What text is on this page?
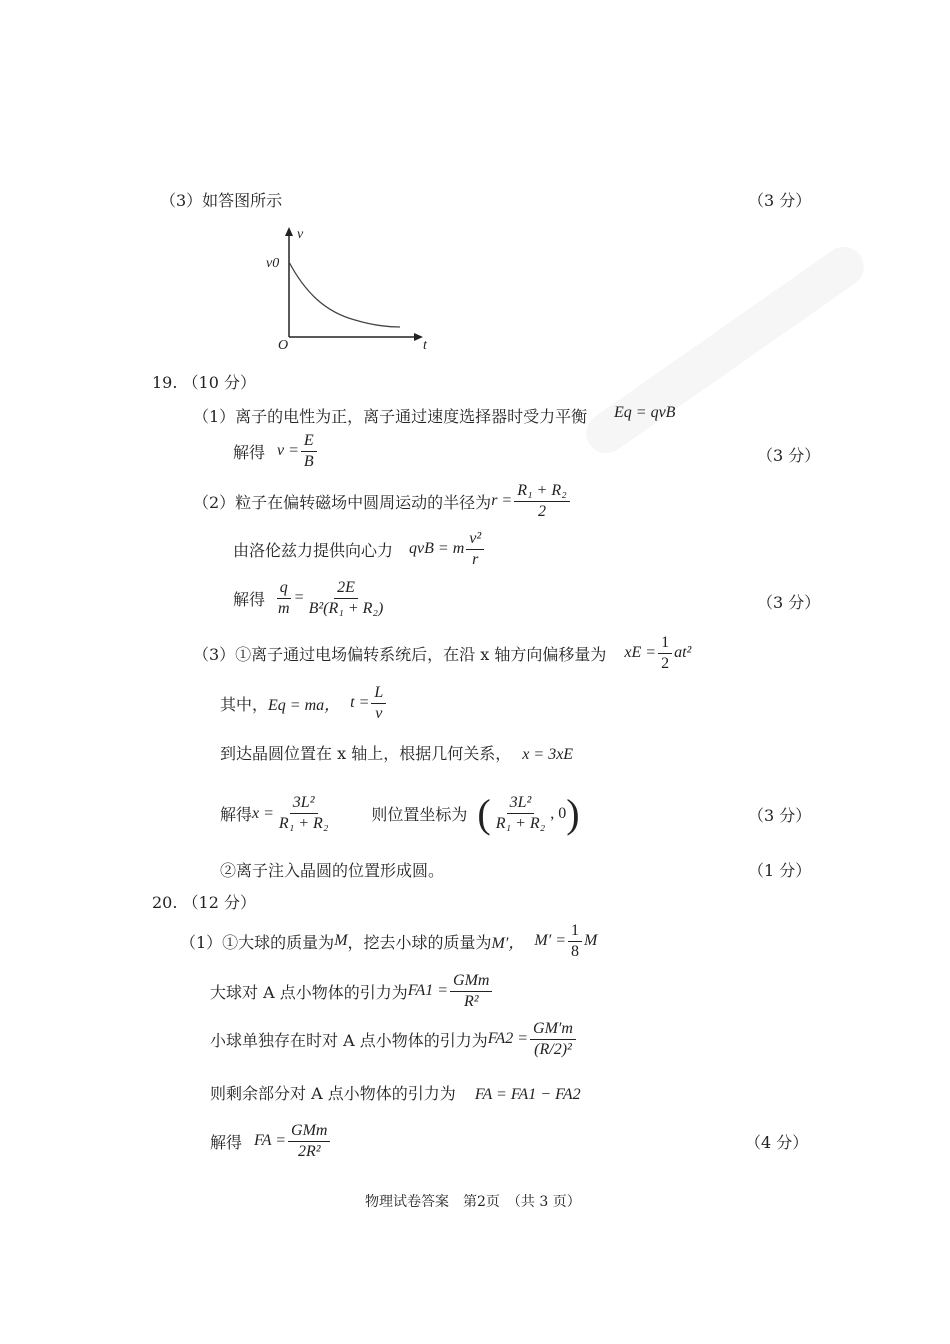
（3）如答图所示	（3 分）
v
v0
O	t
19. （10 分）
（1）离子的电性为正，离子通过速度选择器时受力平衡 Eq = qvB
解得 $v = \frac{E}{B}$	（3 分）
（2）粒子在偏转磁场中圆周运动的半径为 $r = \frac{\text{R₁ + R₂}}{2}$
由洛伦兹力提供向心力 qvB = m $\frac{\text{v²}}{r}$
解得 $\frac{q}{m} = \frac{2E}{\text{B²(R₁ + R₂)}}$	（3 分）
（3）①离子通过电场偏转系统后，在沿 x 轴方向偏移量为 xE = $\frac{1}{2} at^2$
其中， Eq = ma， $t = \frac{L}{v}$
到达晶圆位置在 x 轴上，根据几何关系， x = 3xE
解得 $x = \frac{\text{3L²}}{\text{R₁ + R₂}}$	则位置坐标为 ( $\frac{\text{3L²}}{\text{R₁ + R₂}}$ , 0 )	（3 分）
②离子注入晶圆的位置形成圆。	（1 分）
20. （12 分）
（1）①大球的质量为 M ，挖去小球的质量为 M′， $M' = \frac{1}{8}$ M
大球对 A 点小物体的引力为 $FA1 = \frac{\text{GMm}}{\text{R²}}$
小球单独存在时对 A 点小物体的引力为 $FA2 = \frac{GM'm}{\text{(R/2)²}}$
则剩余部分对 A 点小物体的引力为 FA = FA1 − FA2
解得 FA = $\frac{\text{GMm}}{\text{2R²}}$	（4 分）
物理试卷答案　第2页　（共 3 页）
